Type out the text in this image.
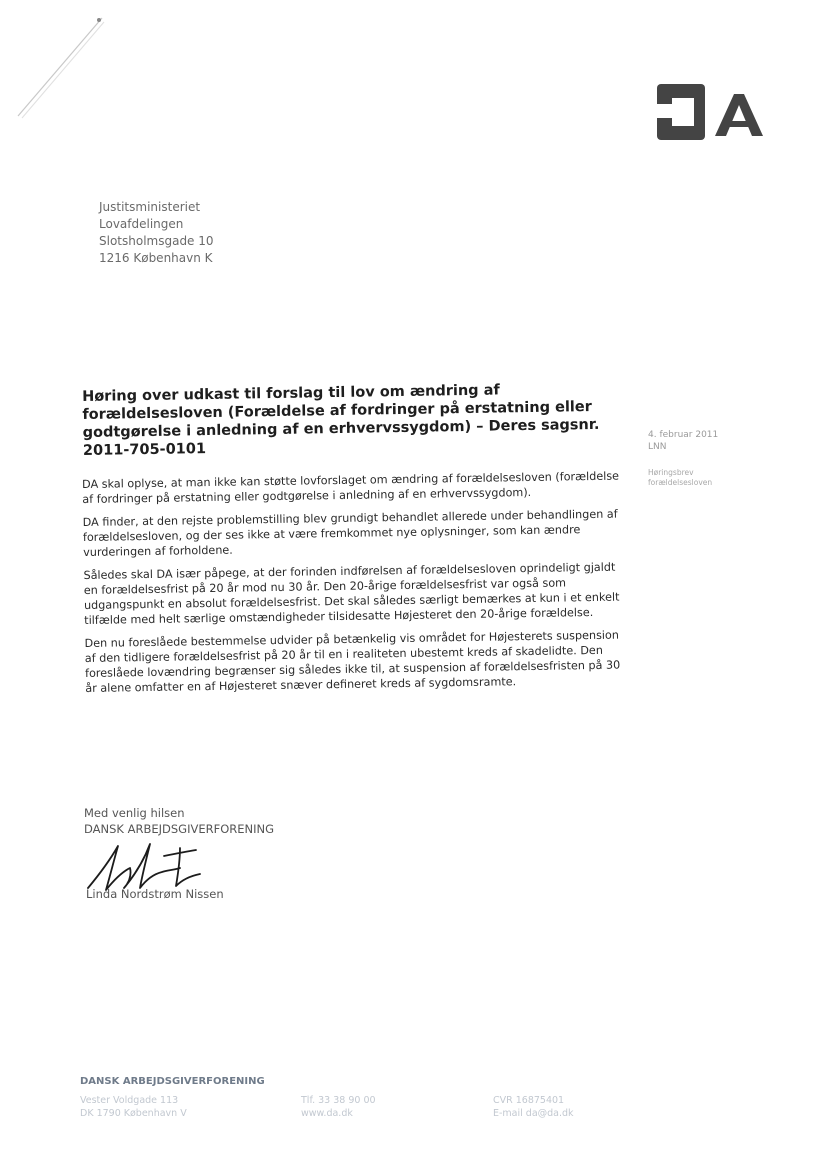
DA
Justitsministeriet
Lovafdelingen
Slotsholmsgade 10
1216 København K
Høring over udkast til forslag til lov om ændring af forældelsesloven (Forældelse af fordringer på erstatning eller godtgørelse i anledning af en erhvervssygdom) – Deres sagsnr. 2011-705-0101

DA skal oplyse, at man ikke kan støtte lovforslaget om ændring af forældelsesloven (forældelse af fordringer på erstatning eller godtgørelse i anledning af en erhvervssygdom).

DA finder, at den rejste problemstilling blev grundigt behandlet allerede under behandlingen af forældelsesloven, og der ses ikke at være fremkommet nye oplysninger, som kan ændre vurderingen af forholdene.

Således skal DA især påpege, at der forinden indførelsen af forældelsesloven oprindeligt gjaldt en forældelsesfrist på 20 år mod nu 30 år. Den 20-årige forældelsesfrist var også som udgangspunkt en absolut forældelsesfrist. Det skal således særligt bemærkes at kun i et enkelt tilfælde med helt særlige omstændigheder tilsidesatte Højesteret den 20-årige forældelse.

Den nu foreslåede bestemmelse udvider på betænkelig vis området for Højesterets suspension af den tidligere forældelsesfrist på 20 år til en i realiteten ubestemt kreds af skadelidte. Den foreslåede lovændring begrænser sig således ikke til, at suspension af forældelsesfristen på 30 år alene omfatter en af Højesteret snæver defineret kreds af sygdomsramte.

4. februar 2011
LNN
Høringsbrev
forældelsesloven
Med venlig hilsen
DANSK ARBEJDSGIVERFORENING
Linda Nordstrøm Nissen
DANSK ARBEJDSGIVERFORENING
Vester Voldgade 113
DK 1790 København V
Tlf. 33 38 90 00
www.da.dk
CVR 16875401
E-mail da@da.dk
